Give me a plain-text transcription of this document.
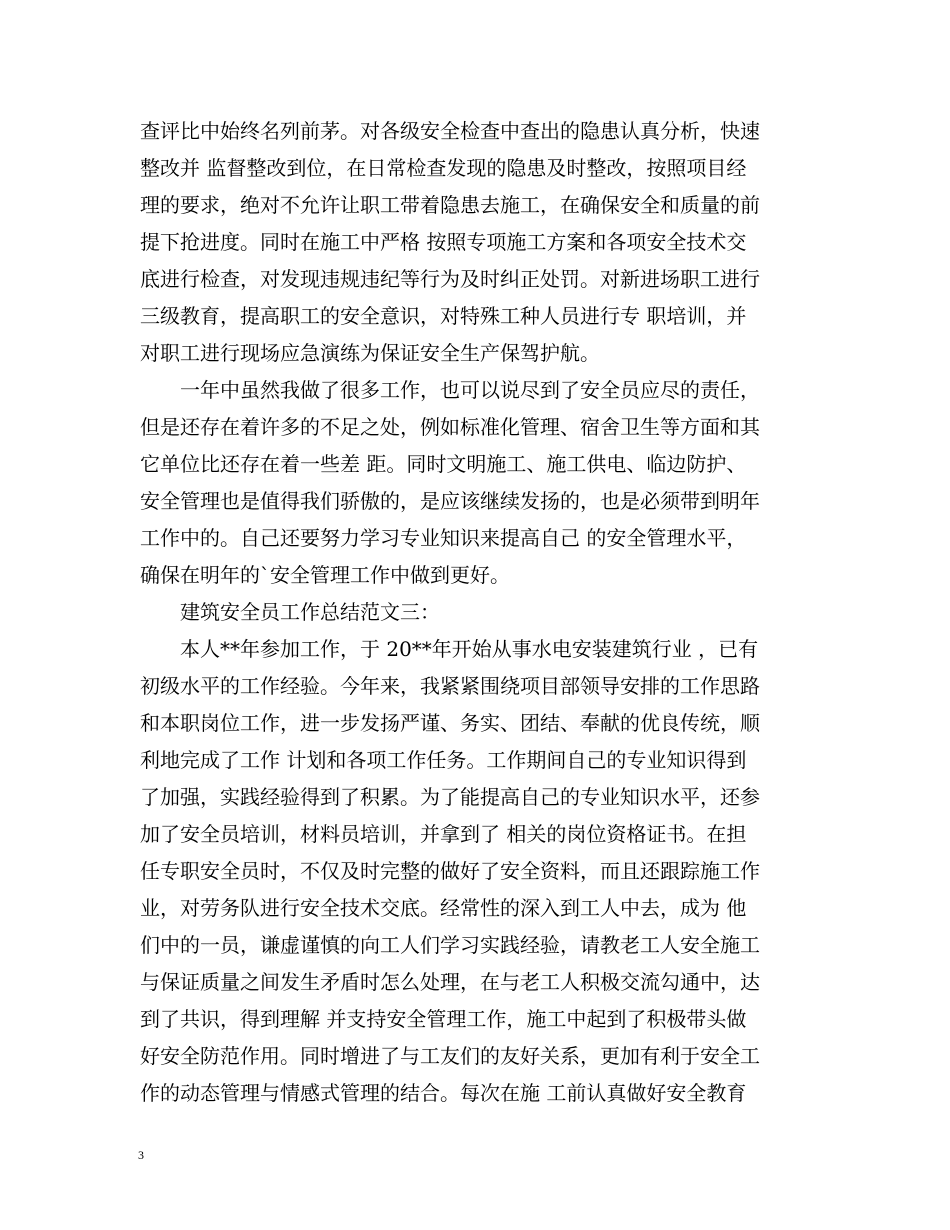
查评比中始终名列前茅。对各级安全检查中查出的隐患认真分析，快速
整改并 监督整改到位，在日常检查发现的隐患及时整改，按照项目经
理的要求，绝对不允许让职工带着隐患去施工，在确保安全和质量的前
提下抢进度。同时在施工中严格 按照专项施工方案和各项安全技术交
底进行检查，对发现违规违纪等行为及时纠正处罚。对新进场职工进行
三级教育，提高职工的安全意识，对特殊工种人员进行专 职培训，并
对职工进行现场应急演练为保证安全生产保驾护航。
　　一年中虽然我做了很多工作，也可以说尽到了安全员应尽的责任，
但是还存在着许多的不足之处，例如标准化管理、宿舍卫生等方面和其
它单位比还存在着一些差 距。同时文明施工、施工供电、临边防护、
安全管理也是值得我们骄傲的，是应该继续发扬的，也是必须带到明年
工作中的。自己还要努力学习专业知识来提高自己 的安全管理水平，
确保在明年的`安全管理工作中做到更好。
　　建筑安全员工作总结范文三：
　　本人**年参加工作，于 20**年开始从事水电安装建筑行业 ，已有
初级水平的工作经验。今年来，我紧紧围绕项目部领导安排的工作思路
和本职岗位工作，进一步发扬严谨、务实、团结、奉献的优良传统，顺
利地完成了工作 计划和各项工作任务。工作期间自己的专业知识得到
了加强，实践经验得到了积累。为了能提高自己的专业知识水平，还参
加了安全员培训，材料员培训，并拿到了 相关的岗位资格证书。在担
任专职安全员时，不仅及时完整的做好了安全资料，而且还跟踪施工作
业，对劳务队进行安全技术交底。经常性的深入到工人中去，成为 他
们中的一员，谦虚谨慎的向工人们学习实践经验，请教老工人安全施工
与保证质量之间发生矛盾时怎么处理，在与老工人积极交流勾通中，达
到了共识，得到理解 并支持安全管理工作，施工中起到了积极带头做
好安全防范作用。同时增进了与工友们的友好关系，更加有利于安全工
作的动态管理与情感式管理的结合。每次在施 工前认真做好安全教育
3
